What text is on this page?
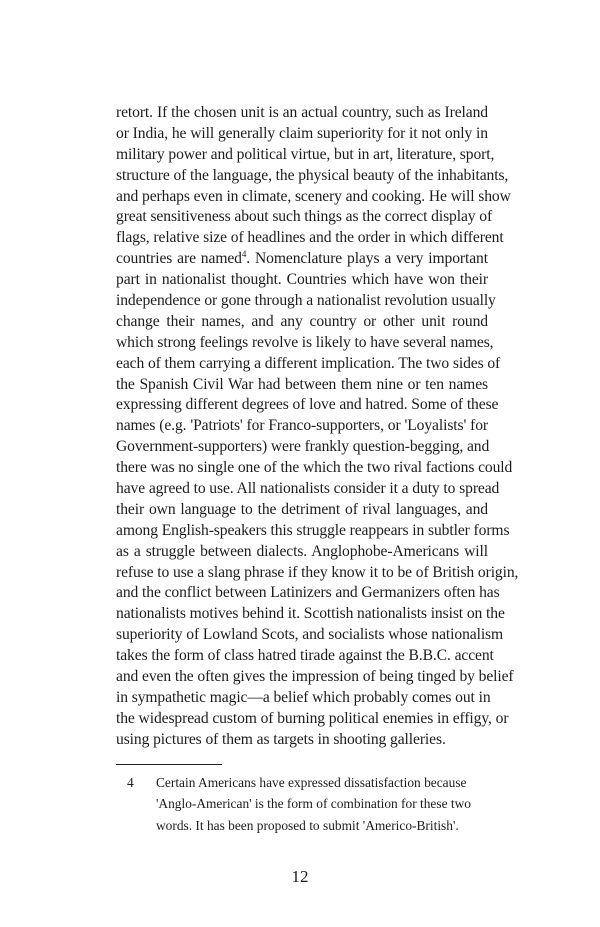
retort. If the chosen unit is an actual country, such as Ireland
or India, he will generally claim superiority for it not only in
military power and political virtue, but in art, literature, sport,
structure of the language, the physical beauty of the inhabitants,
and perhaps even in climate, scenery and cooking. He will show
great sensitiveness about such things as the correct display of
flags, relative size of headlines and the order in which different
countries are named$^4$. Nomenclature plays a very important
part in nationalist thought. Countries which have won their
independence or gone through a nationalist revolution usually
change their names, and any country or other unit round
which strong feelings revolve is likely to have several names,
each of them carrying a different implication. The two sides of
the Spanish Civil War had between them nine or ten names
expressing different degrees of love and hatred. Some of these
names (e.g. 'Patriots' for Franco-supporters, or 'Loyalists' for
Government-supporters) were frankly question-begging, and
there was no single one of the which the two rival factions could
have agreed to use. All nationalists consider it a duty to spread
their own language to the detriment of rival languages, and
among English-speakers this struggle reappears in subtler forms
as a struggle between dialects. Anglophobe-Americans will
refuse to use a slang phrase if they know it to be of British origin,
and the conflict between Latinizers and Germanizers often has
nationalists motives behind it. Scottish nationalists insist on the
superiority of Lowland Scots, and socialists whose nationalism
takes the form of class hatred tirade against the B.B.C. accent
and even the often gives the impression of being tinged by belief
in sympathetic magic—a belief which probably comes out in
the widespread custom of burning political enemies in effigy, or
using pictures of them as targets in shooting galleries.
4 Certain Americans have expressed dissatisfaction because
'Anglo-American' is the form of combination for these two
words. It has been proposed to submit 'Americo-British'.
12
